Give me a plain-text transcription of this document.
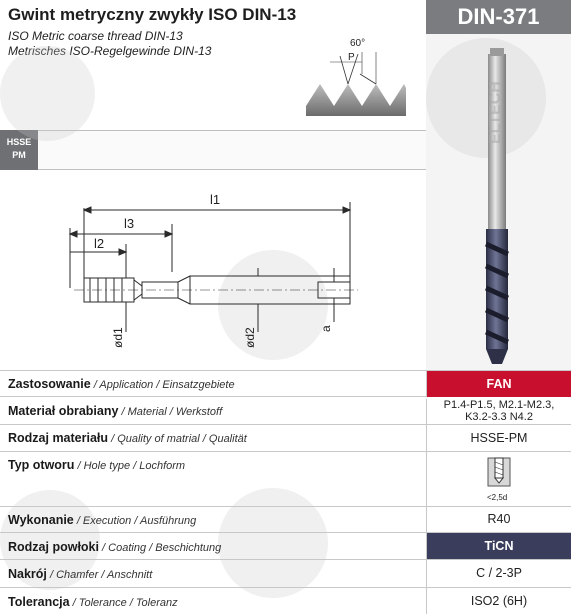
Gwint metryczny zwykły ISO DIN-13
ISO Metric coarse thread DIN-13
Metrisches ISO-Regelgewinde DIN-13
60°
P
DIN-371
ELTECH
HSSE
PM
l1
l3
l2
ød1	ød2	a
Zastosowanie / Application / Einsatzgebiete	FAN
Materiał obrabiany / Material / Werkstoff
P1.4-P1.5, M2.1-M2.3,
K3.2-3.3 N4.2
Rodzaj materiału / Quality of matrial / Qualität	HSSE-PM
Typ otworu / Hole type / Lochform
<2,5d
Wykonanie / Execution / Ausführung	R40
Rodzaj powłoki / Coating / Beschichtung	TiCN
Nakrój / Chamfer / Anschnitt	C / 2-3P
Tolerancja / Tolerance / Toleranz	ISO2 (6H)
